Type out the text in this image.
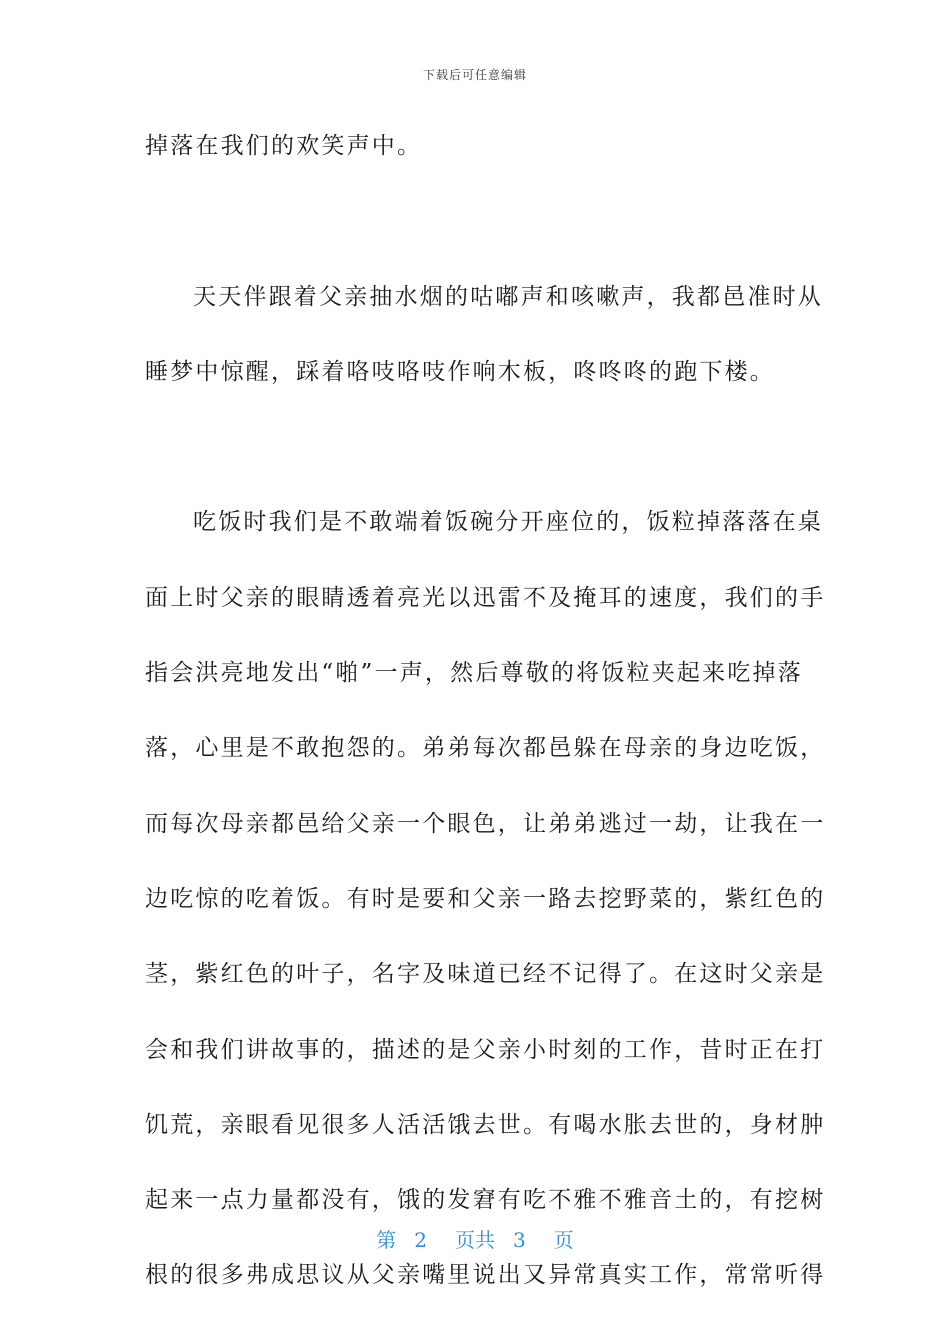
下载后可任意编辑
掉落在我们的欢笑声中。
天天伴跟着父亲抽水烟的咕嘟声和咳嗽声，我都邑准时从
睡梦中惊醒，踩着咯吱咯吱作响木板，咚咚咚的跑下楼。
吃饭时我们是不敢端着饭碗分开座位的，饭粒掉落落在桌
面上时父亲的眼睛透着亮光以迅雷不及掩耳的速度，我们的手
指会洪亮地发出“啪”一声，然后尊敬的将饭粒夹起来吃掉落
落，心里是不敢抱怨的。弟弟每次都邑躲在母亲的身边吃饭，
而每次母亲都邑给父亲一个眼色，让弟弟逃过一劫，让我在一
边吃惊的吃着饭。有时是要和父亲一路去挖野菜的，紫红色的
茎，紫红色的叶子，名字及味道已经不记得了。在这时父亲是
会和我们讲故事的，描述的是父亲小时刻的工作，昔时正在打
饥荒，亲眼看见很多人活活饿去世。有喝水胀去世的，身材肿
起来一点力量都没有，饿的发窘有吃不雅不雅音土的，有挖树
根的很多弗成思议从父亲嘴里说出又异常真实工作，常常听得
第 2 页共 3 页
